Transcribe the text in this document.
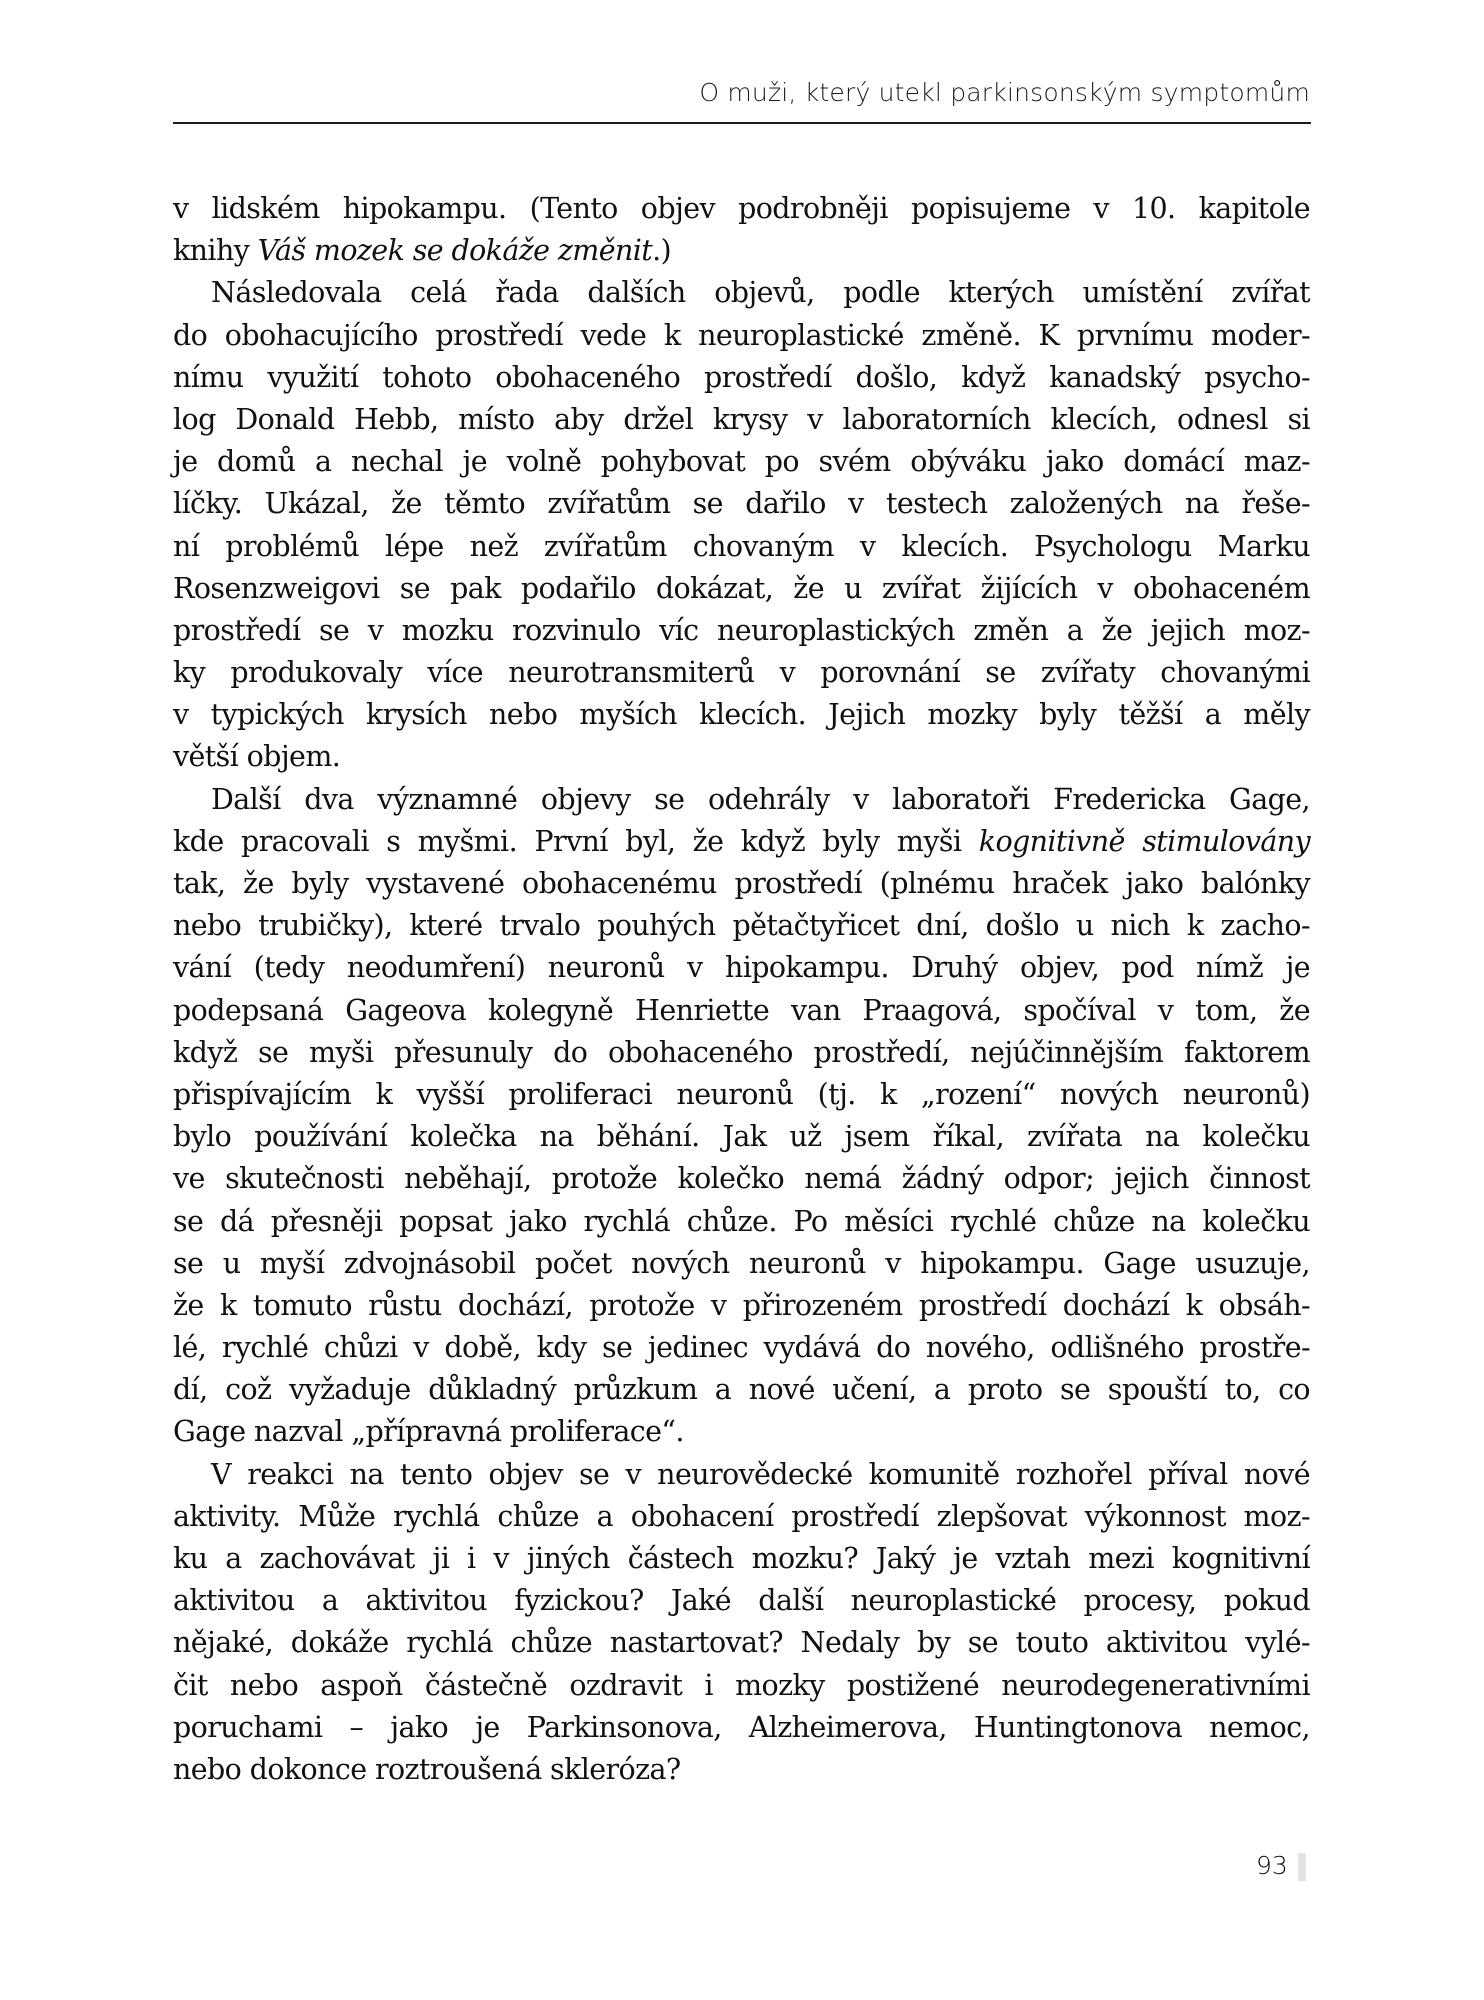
O muži, který utekl parkinsonským symptomům
v lidském hipokampu. (Tento objev podrobněji popisujeme v 10. kapitole
knihy Váš mozek se dokáže změnit.)
Následovala celá řada dalších objevů, podle kterých umístění zvířat
do obohacujícího prostředí vede k neuroplastické změně. K prvnímu moder-
nímu využití tohoto obohaceného prostředí došlo, když kanadský psycho-
log Donald Hebb, místo aby držel krysy v laboratorních klecích, odnesl si
je domů a nechal je volně pohybovat po svém obýváku jako domácí maz-
líčky. Ukázal, že těmto zvířatům se dařilo v testech založených na řeše-
ní problémů lépe než zvířatům chovaným v klecích. Psychologu Marku
Rosenzweigovi se pak podařilo dokázat, že u zvířat žijících v obohaceném
prostředí se v mozku rozvinulo víc neuroplastických změn a že jejich moz-
ky produkovaly více neurotransmiterů v porovnání se zvířaty chovanými
v typických krysích nebo myších klecích. Jejich mozky byly těžší a měly
větší objem.
Další dva významné objevy se odehrály v laboratoři Fredericka Gage,
kde pracovali s myšmi. První byl, že když byly myši kognitivně stimulovány
tak, že byly vystavené obohacenému prostředí (plnému hraček jako balónky
nebo trubičky), které trvalo pouhých pětačtyřicet dní, došlo u nich k zacho-
vání (tedy neodumření) neuronů v hipokampu. Druhý objev, pod nímž je
podepsaná Gageova kolegyně Henriette van Praagová, spočíval v tom, že
když se myši přesunuly do obohaceného prostředí, nejúčinnějším faktorem
přispívajícím k vyšší proliferaci neuronů (tj. k „rození“ nových neuronů)
bylo používání kolečka na běhání. Jak už jsem říkal, zvířata na kolečku
ve skutečnosti neběhají, protože kolečko nemá žádný odpor; jejich činnost
se dá přesněji popsat jako rychlá chůze. Po měsíci rychlé chůze na kolečku
se u myší zdvojnásobil počet nových neuronů v hipokampu. Gage usuzuje,
že k tomuto růstu dochází, protože v přirozeném prostředí dochází k obsáh-
lé, rychlé chůzi v době, kdy se jedinec vydává do nového, odlišného prostře-
dí, což vyžaduje důkladný průzkum a nové učení, a proto se spouští to, co
Gage nazval „přípravná proliferace“.
V reakci na tento objev se v neurovědecké komunitě rozhořel příval nové
aktivity. Může rychlá chůze a obohacení prostředí zlepšovat výkonnost moz-
ku a zachovávat ji i v jiných částech mozku? Jaký je vztah mezi kognitivní
aktivitou a aktivitou fyzickou? Jaké další neuroplastické procesy, pokud
nějaké, dokáže rychlá chůze nastartovat? Nedaly by se touto aktivitou vylé-
čit nebo aspoň částečně ozdravit i mozky postižené neurodegenerativními
poruchami – jako je Parkinsonova, Alzheimerova, Huntingtonova nemoc,
nebo dokonce roztroušená skleróza?
93
